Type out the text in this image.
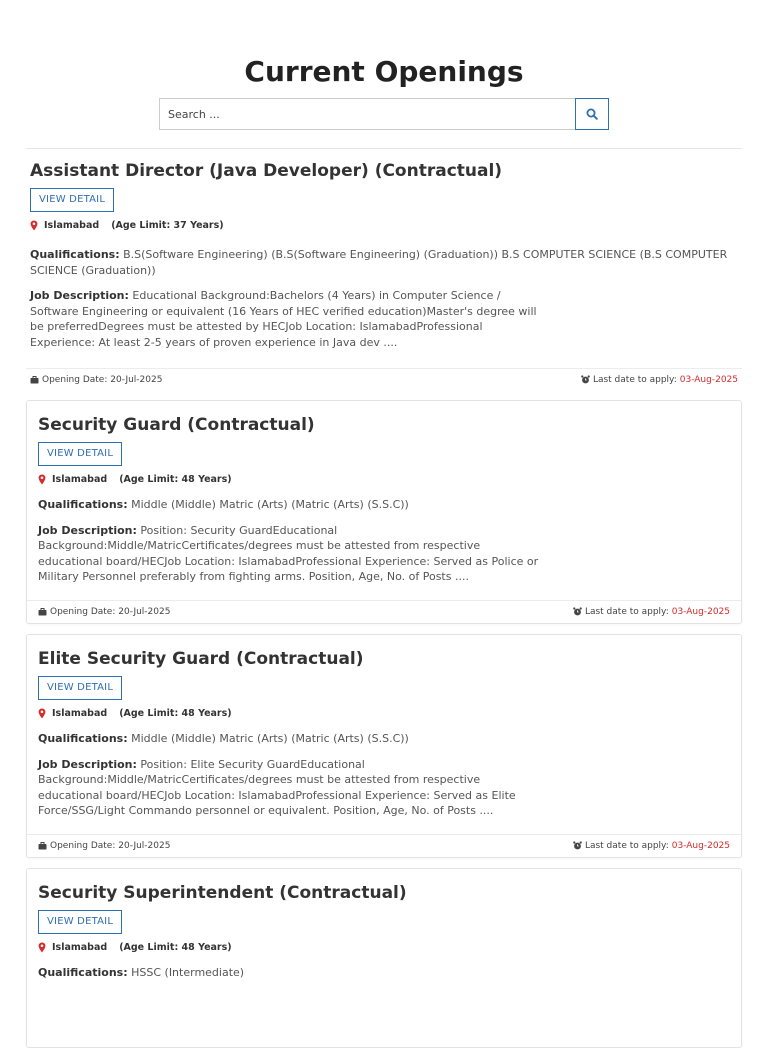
Current Openings
Search ...
Assistant Director (Java Developer) (Contractual)
VIEW DETAIL
Islamabad (Age Limit: 37 Years)

Qualifications: B.S(Software Engineering) (B.S(Software Engineering) (Graduation)) B.S COMPUTER SCIENCE (B.S COMPUTER SCIENCE (Graduation))

Job Description: Educational Background:Bachelors (4 Years) in Computer Science / Software Engineering or equivalent (16 Years of HEC verified education)Master's degree will be preferredDegrees must be attested by HECJob Location: IslamabadProfessional Experience: At least 2-5 years of proven experience in Java dev ....

Opening Date:
20-Jul-2025	Last date to apply: 03-Aug-2025
Security Guard (Contractual)
VIEW DETAIL
Islamabad (Age Limit: 48 Years)

Qualifications: Middle (Middle) Matric (Arts) (Matric (Arts) (S.S.C))

Job Description: Position: Security GuardEducational Background:Middle/MatricCertificates/degrees must be attested from respective educational board/HECJob Location: IslamabadProfessional Experience: Served as Police or Military Personnel preferably from fighting arms. Position, Age, No. of Posts ....

Opening Date:
20-Jul-2025	Last date to apply: 03-Aug-2025
Elite Security Guard (Contractual)
VIEW DETAIL
Islamabad (Age Limit: 48 Years)

Qualifications: Middle (Middle) Matric (Arts) (Matric (Arts) (S.S.C))

Job Description: Position: Elite Security GuardEducational Background:Middle/MatricCertificates/degrees must be attested from respective educational board/HECJob Location: IslamabadProfessional Experience: Served as Elite Force/SSG/Light Commando personnel or equivalent. Position, Age, No. of Posts ....

Opening Date:
20-Jul-2025	Last date to apply: 03-Aug-2025
Security Superintendent (Contractual)
VIEW DETAIL
Islamabad (Age Limit: 48 Years)

Qualifications: HSSC (Intermediate)
